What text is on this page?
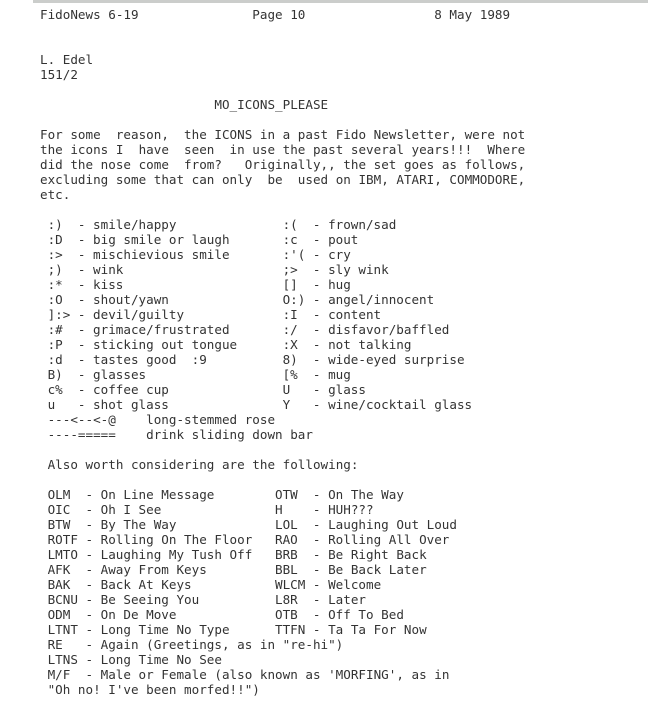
FidoNews 6-19	Page 10	8 May 1989
L. Edel
151/2
MO_ICONS_PLEASE
For some  reason,  the ICONS in a past Fido Newsletter, were not
the icons I  have  seen  in use the past several years!!!  Where
did the nose come  from?   Originally,, the set goes as follows,
excluding some that can only  be  used on IBM, ATARI, COMMODORE,
etc.
:) - smile/happy	:( - frown/sad
:D - big smile or laugh	:c - pout
:> - mischievious smile	:'( - cry
;) - wink	;> - sly wink
:* - kiss	[] - hug
:O - shout/yawn	O:) - angel/innocent
]:> - devil/guilty	:I - content
:# - grimace/frustrated	:/ - disfavor/baffled
:P - sticking out tongue	:X - not talking
:d - tastes good  :9	8) - wide-eyed surprise
B) - glasses	[% - mug
c% - coffee cup	U - glass
u - shot glass	Y - wine/cocktail glass
---<--<-@ long-stemmed rose
----===== drink sliding down bar
Also worth considering are the following:
OLM - On Line Message	OTW - On The Way
OIC - Oh I See	H - HUH???
BTW - By The Way	LOL - Laughing Out Loud
ROTF - Rolling On The Floor RAO - Rolling All Over
LMTO - Laughing My Tush Off BRB - Be Right Back
AFK - Away From Keys	BBL - Be Back Later
BAK - Back At Keys	WLCM - Welcome
BCNU - Be Seeing You	L8R - Later
ODM - On De Move	OTB - Off To Bed
LTNT - Long Time No Type	TTFN - Ta Ta For Now
RE - Again (Greetings, as in "re-hi")
LTNS - Long Time No See
M/F - Male or Female (also known as 'MORFING', as in
"Oh no! I've been morfed!!")
